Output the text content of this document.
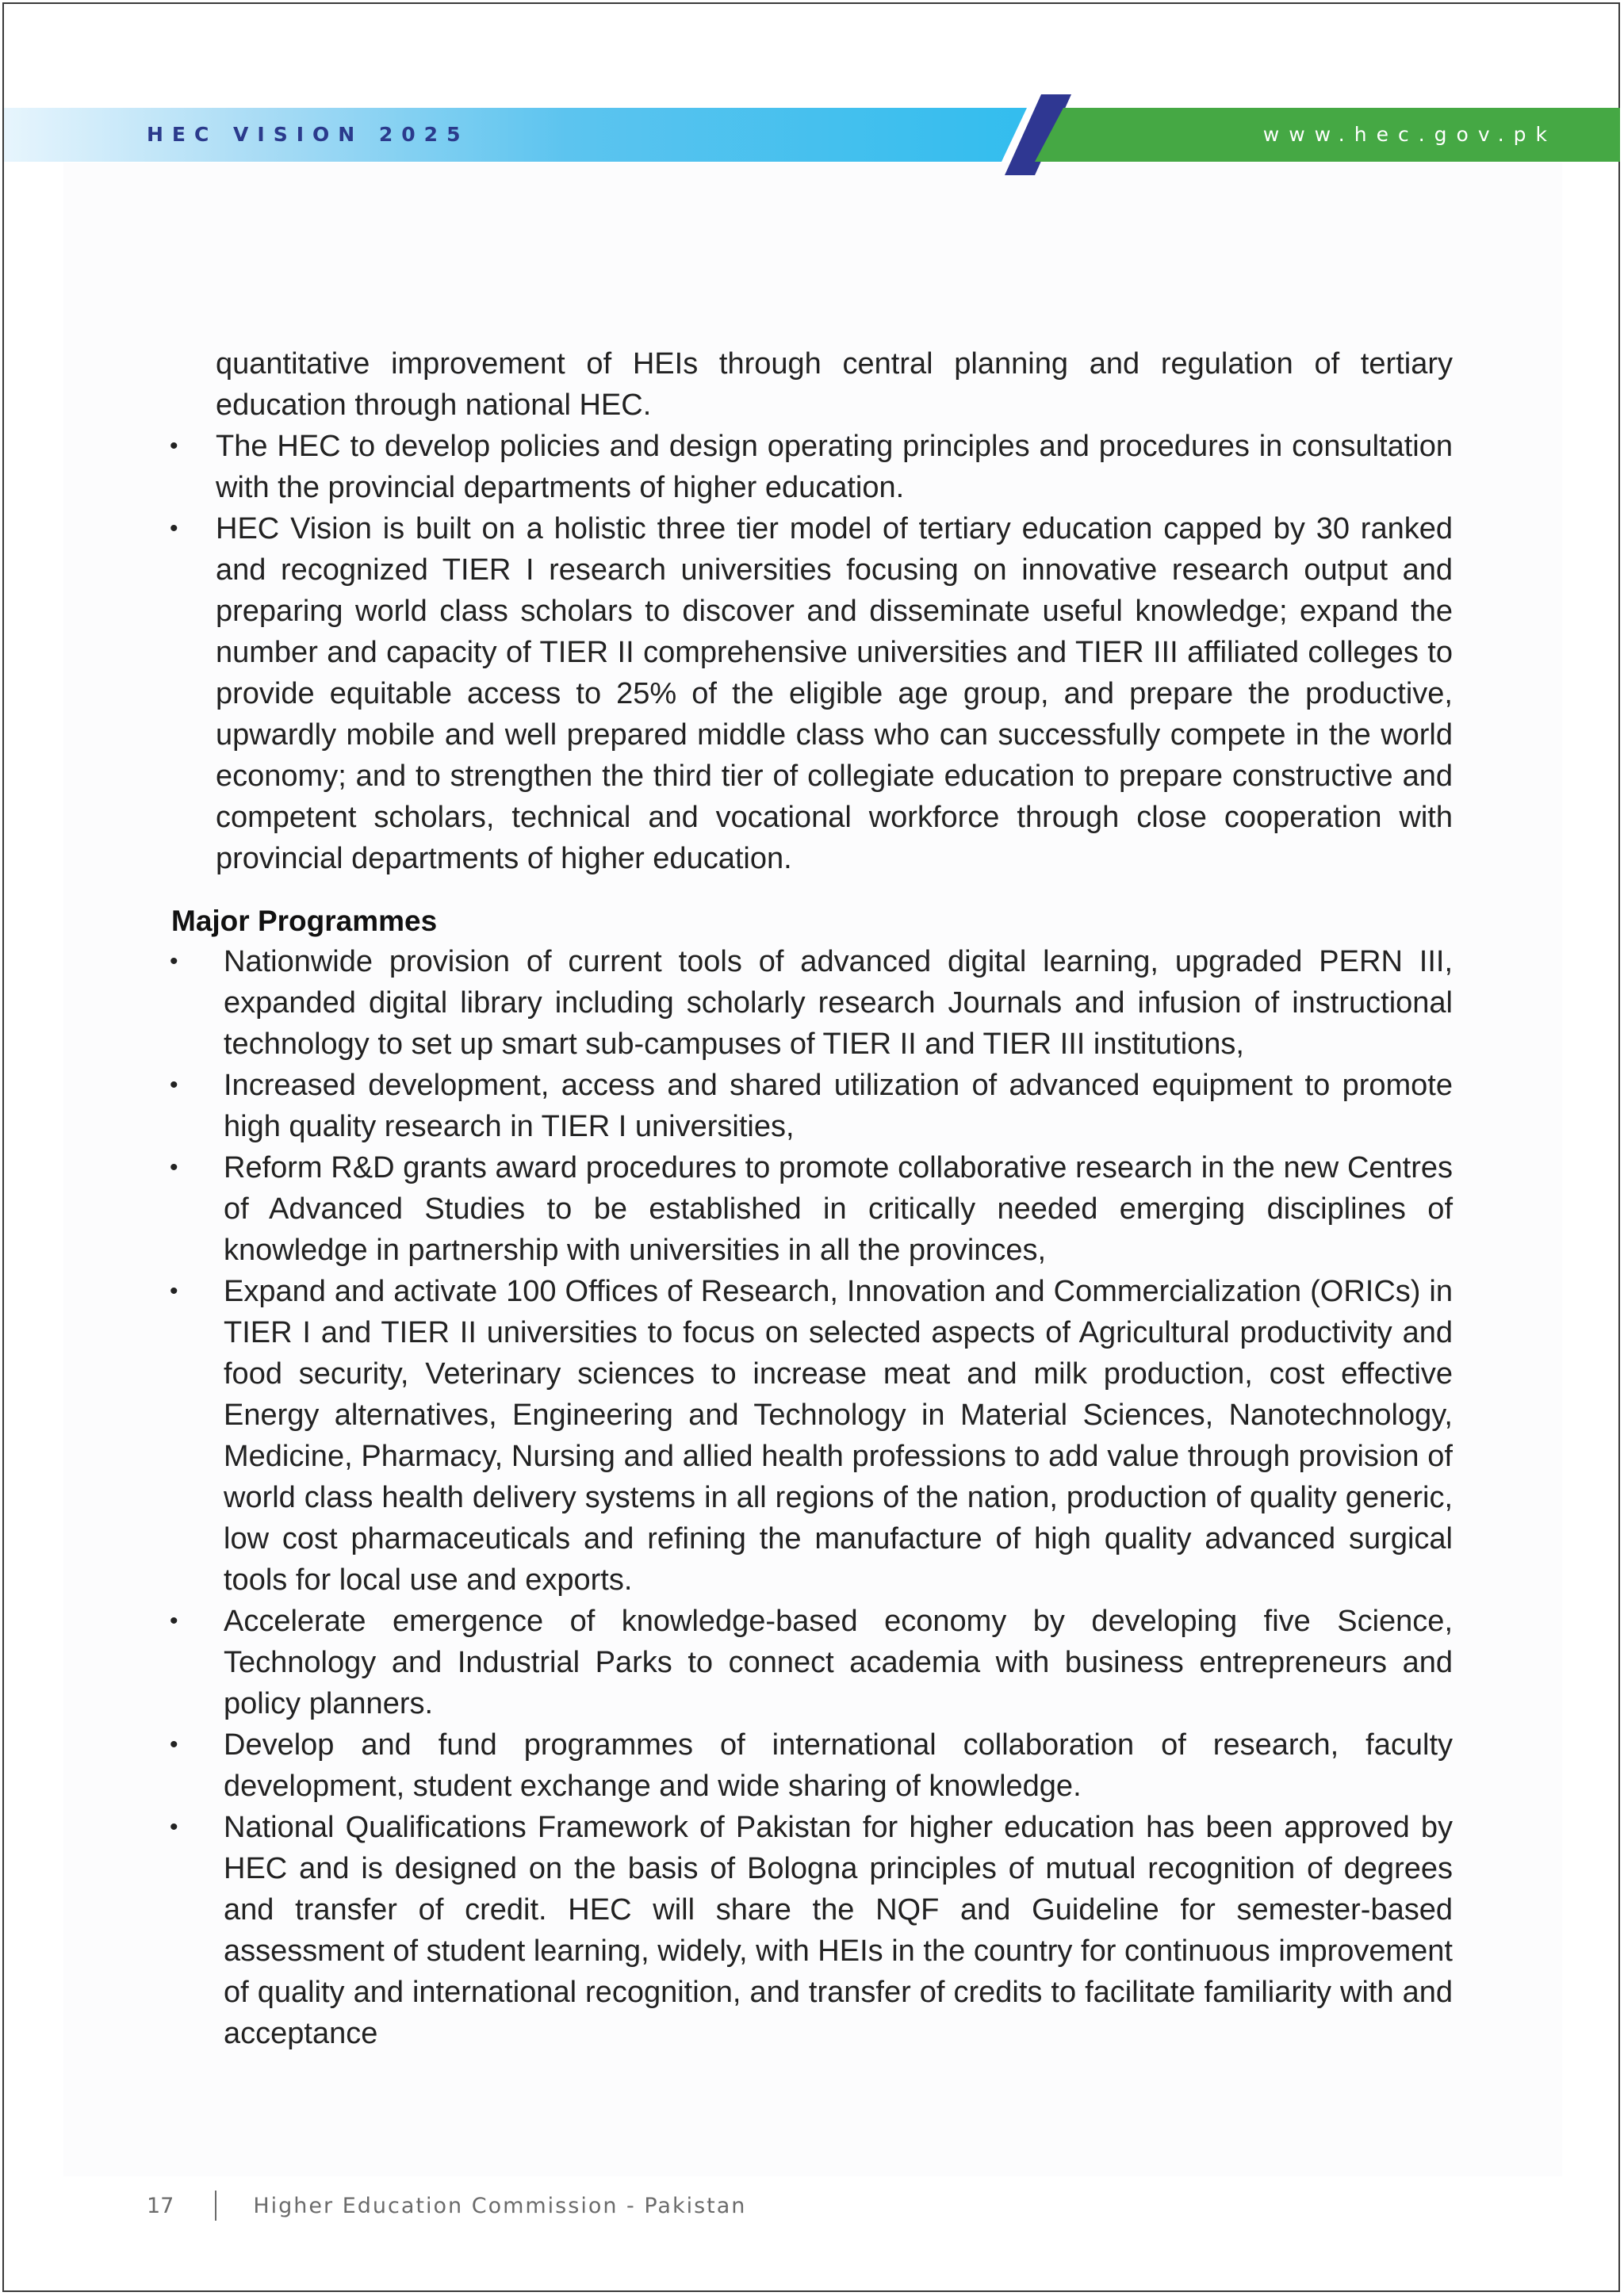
HEC VISION 2025	www.hec.gov.pk

quantitative improvement of HEIs through central planning and regulation of tertiary education through national HEC.

• The HEC to develop policies and design operating principles and procedures in consultation with the provincial departments of higher education.
• HEC Vision is built on a holistic three tier model of tertiary education capped by 30 ranked and recognized TIER I research universities focusing on innovative research output and preparing world class scholars to discover and disseminate useful knowledge; expand the number and capacity of TIER II comprehensive universities and TIER III affiliated colleges to provide equitable access to 25% of the eligible age group, and prepare the productive, upwardly mobile and well prepared middle class who can successfully compete in the world economy; and to strengthen the third tier of collegiate education to prepare constructive and competent scholars, technical and vocational workforce through close cooperation with provincial departments of higher education.
Major Programmes
• Nationwide provision of current tools of advanced digital learning, upgraded PERN III, expanded digital library including scholarly research Journals and infusion of instructional technology to set up smart sub-campuses of TIER II and TIER III institutions,
• Increased development, access and shared utilization of advanced equipment to promote high quality research in TIER I universities,
• Reform R&D grants award procedures to promote collaborative research in the new Centres of Advanced Studies to be established in critically needed emerging disciplines of knowledge in partnership with universities in all the provinces,
• Expand and activate 100 Offices of Research, Innovation and Commercialization (ORICs) in TIER I and TIER II universities to focus on selected aspects of Agricultural productivity and food security, Veterinary sciences to increase meat and milk production, cost effective Energy alternatives, Engineering and Technology in Material Sciences, Nanotechnology, Medicine, Pharmacy, Nursing and allied health professions to add value through provision of world class health delivery systems in all regions of the nation, production of quality generic, low cost pharmaceuticals and refining the manufacture of high quality advanced surgical tools for local use and exports.
• Accelerate emergence of knowledge-based economy by developing five Science, Technology and Industrial Parks to connect academia with business entrepreneurs and policy planners.
• Develop and fund programmes of international collaboration of research, faculty development, student exchange and wide sharing of knowledge.
• National Qualifications Framework of Pakistan for higher education has been approved by HEC and is designed on the basis of Bologna principles of mutual recognition of degrees and transfer of credit. HEC will share the NQF and Guideline for semester-based assessment of student learning, widely, with HEIs in the country for continuous improvement of quality and international recognition, and transfer of credits to facilitate familiarity with and acceptance
17	Higher Education Commission - Pakistan
